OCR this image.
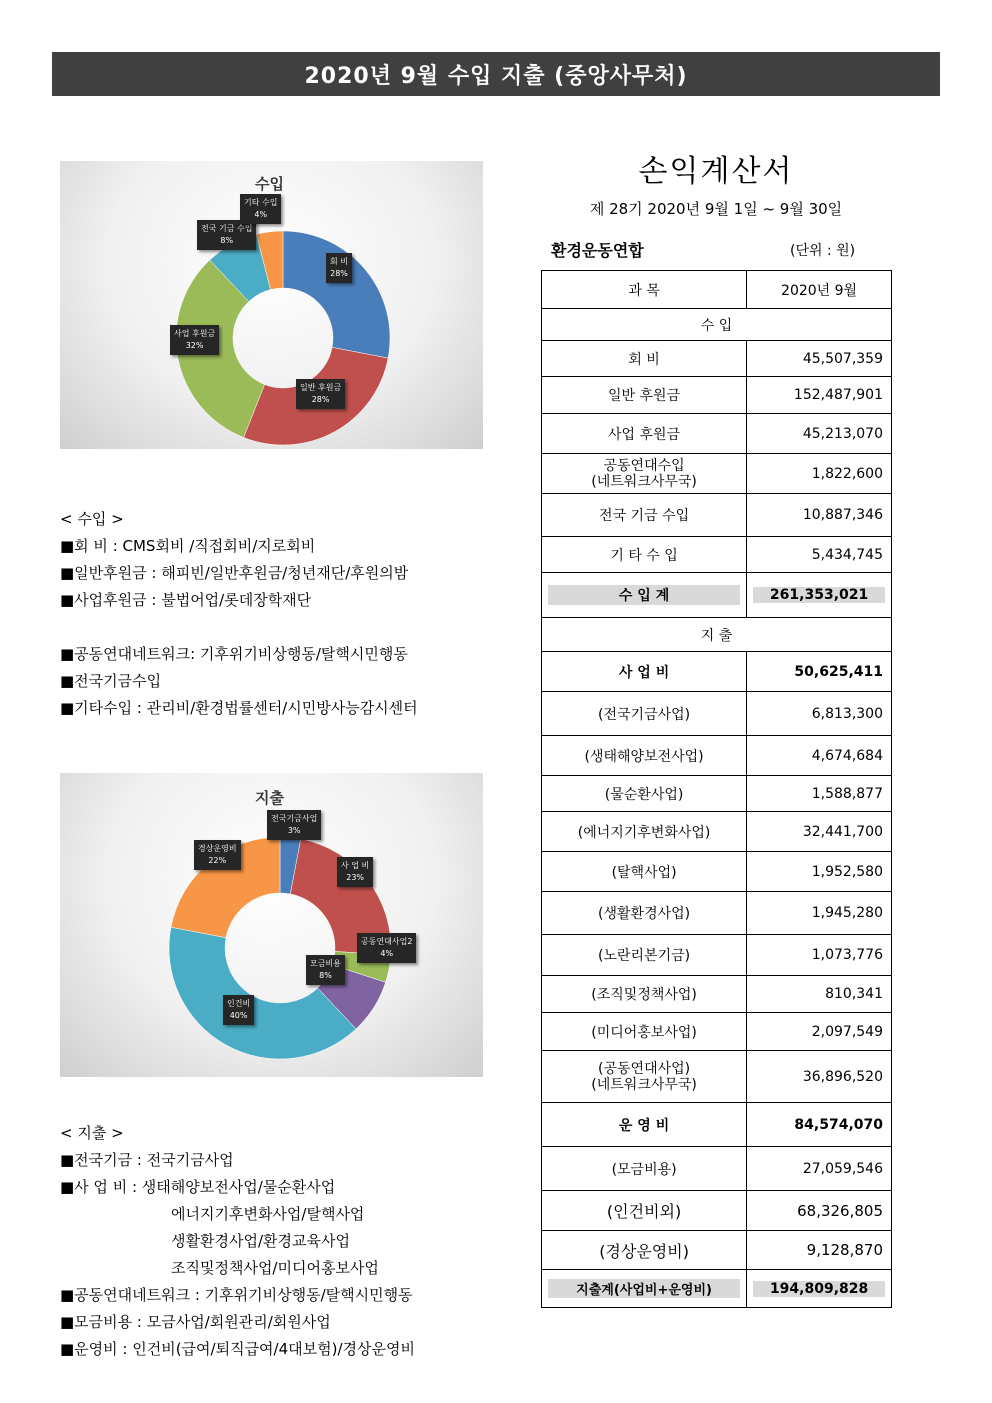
2020년 9월 수입 지출 (중앙사무처)
수입
회 비
28%
일반 후원금
28%
사업 후원금
32%
전국 기금 수입
8%
기타 수입
4%
< 수입 >
■회 비 : CMS회비 /직접회비/지로회비
■일반후원금 : 해피빈/일반후원금/청년재단/후원의밤
■사업후원금 : 불법어업/롯데장학재단
■공동연대네트워크: 기후위기비상행동/탈핵시민행동
■전국기금수입
■기타수입 : 관리비/환경법률센터/시민방사능감시센터
지출
전국기금사업
3%
사 업 비
23%
공동연대사업2
4%
모금비용
8%
인건비
40%
경상운영비
22%
< 지출 >
■전국기금 : 전국기금사업
■사 업 비 : 생태해양보전사업/물순환사업
에너지기후변화사업/탈핵사업
생활환경사업/환경교육사업
조직및정책사업/미디어홍보사업
■공동연대네트워크 : 기후위기비상행동/탈핵시민행동
■모금비용 : 모금사업/회원관리/회원사업
■운영비 : 인건비(급여/퇴직급여/4대보험)/경상운영비
손익계산서
제 28기 2020년 9월 1일 ~ 9월 30일
환경운동연합	(단위 : 원)
과 목	2020년 9월
수 입	
회 비	45,507,359
일반 후원금	152,487,901
사업 후원금	45,213,070

공동연대수입
(네트워크사무국)	1,822,600
전국 기금 수입	10,887,346
기 타 수 입	5,434,745

수 입 계	261,353,021

지 출	
사 업 비	50,625,411
(전국기금사업)	6,813,300
(생태해양보전사업)	4,674,684
(물순환사업)	1,588,877
(에너지기후변화사업)	32,441,700
(탈핵사업)	1,952,580
(생활환경사업)	1,945,280
(노란리본기금)	1,073,776
(조직및정책사업)	810,341
(미디어홍보사업)	2,097,549

(공동연대사업)
(네트워크사무국)	36,896,520
운 영 비	84,574,070
(모금비용)	27,059,546
(인건비외)	68,326,805
(경상운영비)	9,128,870

지출계(사업비+운영비)	194,809,828
